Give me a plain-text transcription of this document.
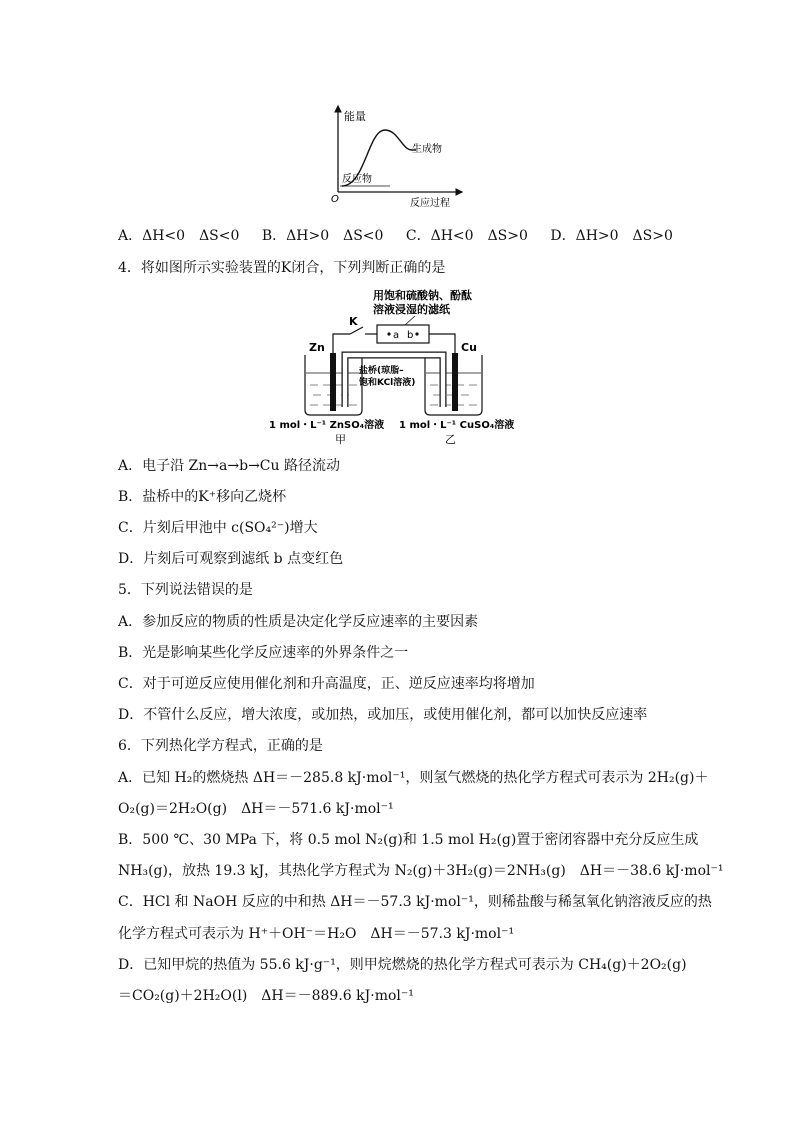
能量
O
反应物
生成物
反应过程
A．ΔH<0　ΔS<0 B．ΔH>0　ΔS<0 C．ΔH<0　ΔS>0 D．ΔH>0　ΔS>0
4．将如图所示实验装置的K闭合，下列判断正确的是
用饱和硫酸钠、酚酞
溶液浸湿的滤纸
a b
K
Zn	Cu
盐桥(琼脂–
饱和KCl溶液)
1 mol・L⁻¹ ZnSO₄溶液 1 mol・L⁻¹ CuSO₄溶液
甲	乙
A．电子沿 Zn→a→b→Cu 路径流动
B．盐桥中的K⁺移向乙烧杯
C．片刻后甲池中 c(SO₄²⁻)增大
D．片刻后可观察到滤纸 b 点变红色
5．下列说法错误的是
A．参加反应的物质的性质是决定化学反应速率的主要因素
B．光是影响某些化学反应速率的外界条件之一
C．对于可逆反应使用催化剂和升高温度，正、逆反应速率均将增加
D．不管什么反应，增大浓度，或加热，或加压，或使用催化剂，都可以加快反应速率
6．下列热化学方程式，正确的是
A．已知 H₂的燃烧热 ΔH＝－285.8 kJ·mol⁻¹，则氢气燃烧的热化学方程式可表示为 2H₂(g)＋
O₂(g)＝2H₂O(g)　ΔH＝－571.6 kJ·mol⁻¹
B．500 ℃、30 MPa 下，将 0.5 mol N₂(g)和 1.5 mol H₂(g)置于密闭容器中充分反应生成
NH₃(g)，放热 19.3 kJ，其热化学方程式为 N₂(g)＋3H₂(g)＝2NH₃(g)　ΔH＝－38.6 kJ·mol⁻¹
C．HCl 和 NaOH 反应的中和热 ΔH＝－57.3 kJ·mol⁻¹，则稀盐酸与稀氢氧化钠溶液反应的热
化学方程式可表示为 H⁺＋OH⁻＝H₂O　ΔH＝－57.3 kJ·mol⁻¹
D．已知甲烷的热值为 55.6 kJ·g⁻¹，则甲烷燃烧的热化学方程式可表示为 CH₄(g)＋2O₂(g)
＝CO₂(g)＋2H₂O(l)　ΔH＝－889.6 kJ·mol⁻¹
